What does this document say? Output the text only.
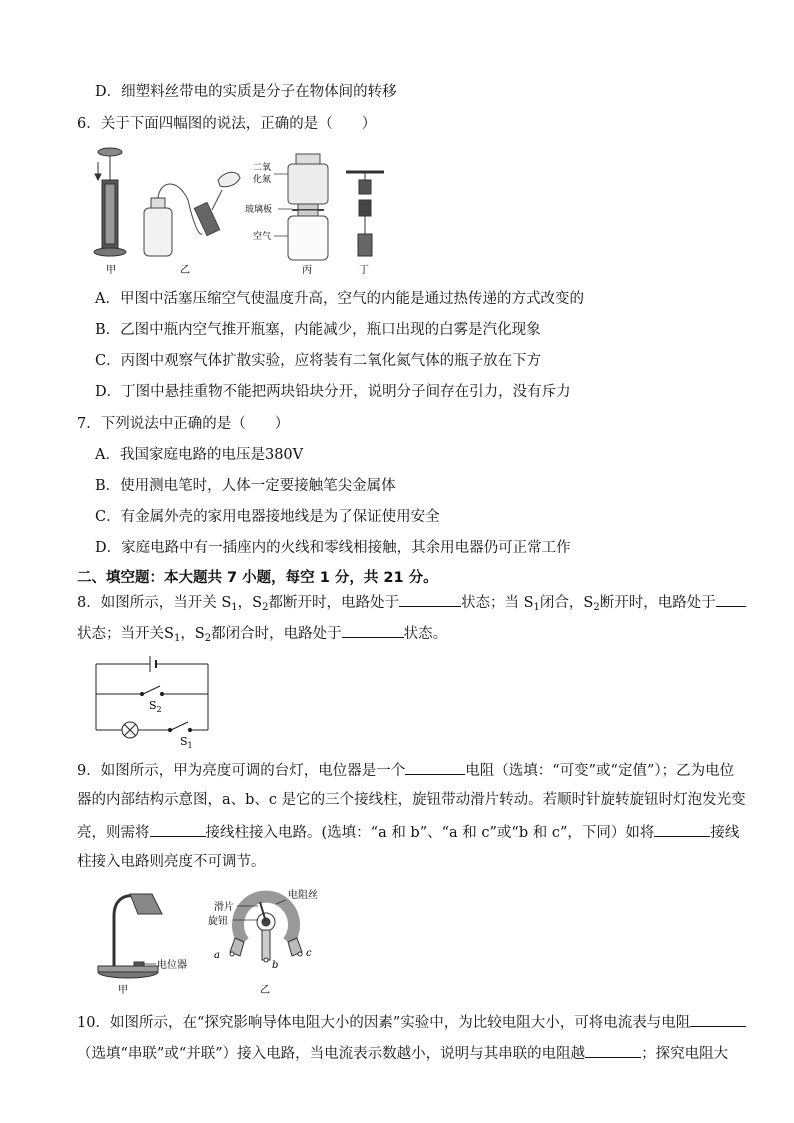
D．细塑料丝带电的实质是分子在物体间的转移
6．关于下面四幅图的说法，正确的是（　　）
甲	乙
二氧
化氮
玻璃板
空气
丙	丁
A．甲图中活塞压缩空气使温度升高，空气的内能是通过热传递的方式改变的
B．乙图中瓶内空气推开瓶塞，内能减少，瓶口出现的白雾是汽化现象
C．丙图中观察气体扩散实验，应将装有二氧化氮气体的瓶子放在下方
D．丁图中悬挂重物不能把两块铅块分开，说明分子间存在引力，没有斥力
7．下列说法中正确的是（　　）
A．我国家庭电路的电压是380V
B．使用测电笔时，人体一定要接触笔尖金属体
C．有金属外壳的家用电器接地线是为了保证使用安全
D．家庭电路中有一插座内的火线和零线相接触，其余用电器仍可正常工作
二、填空题：本大题共 7 小题，每空 1 分，共 21 分。
8．如图所示，当开关 $S_1$，$S_2$都断开时，电路处于	状态；当 $S_1$闭合，$S_2$断开时，电路处于
状态；当开关$S_1$，$S_2$都闭合时，电路处于	状态。
$S_2$
$S_1$
9．如图所示，甲为亮度可调的台灯，电位器是一个	电阻（选填：“可变”或“定值”）；乙为电位
器的内部结构示意图，a、b、c 是它的三个接线柱，旋钮带动滑片转动。若顺时针旋转旋钮时灯泡发光变
亮，则需将	接线柱接入电路。(选填：“a 和 b”、“a 和 c”或“b 和 c”，下同）如将	接线
柱接入电路则亮度不可调节。
电位器
甲
滑片
电阻丝
旋钮
a
b
c
乙
10．如图所示，在“探究影响导体电阻大小的因素”实验中，为比较电阻大小，可将电流表与电阻
（选填“串联”或“并联”）接入电路，当电流表示数越小，说明与其串联的电阻越	；探究电阻大
